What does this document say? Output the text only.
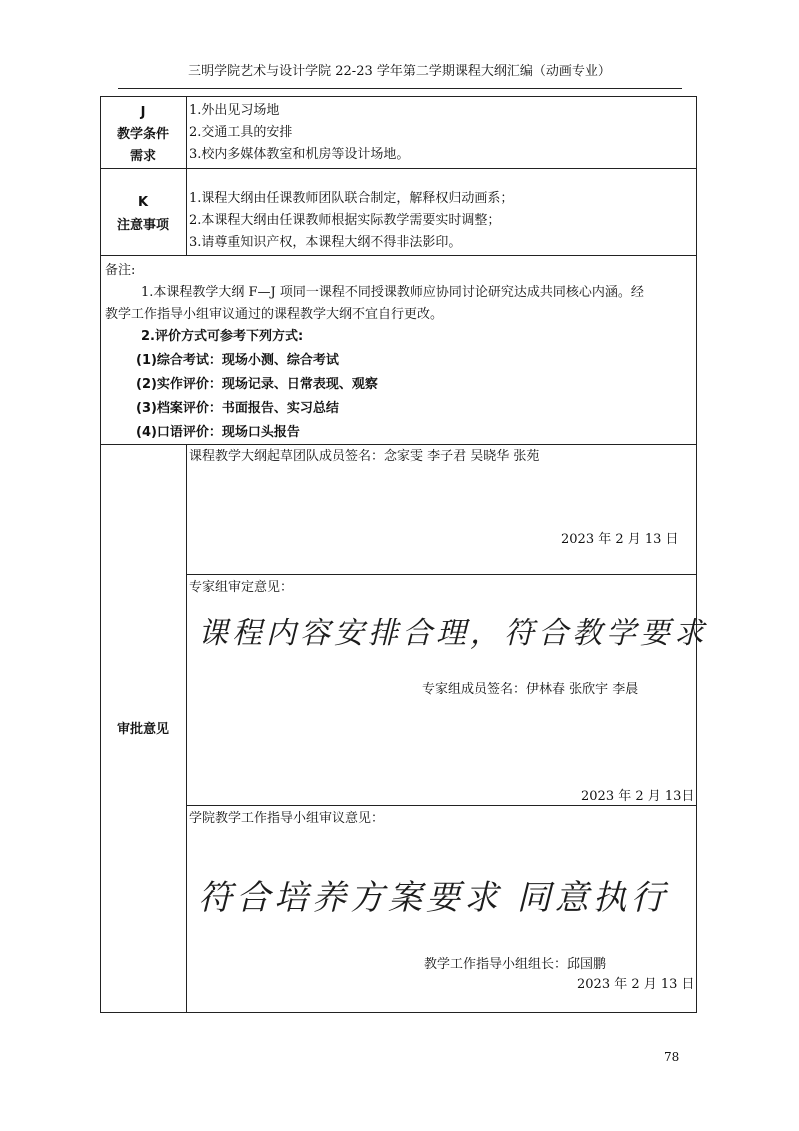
三明学院艺术与设计学院 22-23 学年第二学期课程大纲汇编（动画专业）
J
教学条件
需求
1.外出见习场地
2.交通工具的安排
3.校内多媒体教室和机房等设计场地。
K
注意事项
1.课程大纲由任课教师团队联合制定，解释权归动画系；
2.本课程大纲由任课教师根据实际教学需要实时调整；
3.请尊重知识产权，本课程大纲不得非法影印。
备注:
1.本课程教学大纲 F—J 项同一课程不同授课教师应协同讨论研究达成共同核心内涵。经
教学工作指导小组审议通过的课程教学大纲不宜自行更改。
2.评价方式可参考下列方式:
(1)综合考试：现场小测、综合考试
(2)实作评价：现场记录、日常表现、观察
(3)档案评价：书面报告、实习总结
(4)口语评价：现场口头报告
审批意见
课程教学大纲起草团队成员签名：念家雯 李子君 吴晓华 张苑
2023 年 2 月 13 日
专家组审定意见：
课程内容安排合理，符合教学要求
专家组成员签名：伊林春 张欣宇 李晨
2023 年 2 月 13日
学院教学工作指导小组审议意见：
符合培养方案要求 同意执行
教学工作指导小组组长：邱国鹏
2023 年 2 月 13 日
78
